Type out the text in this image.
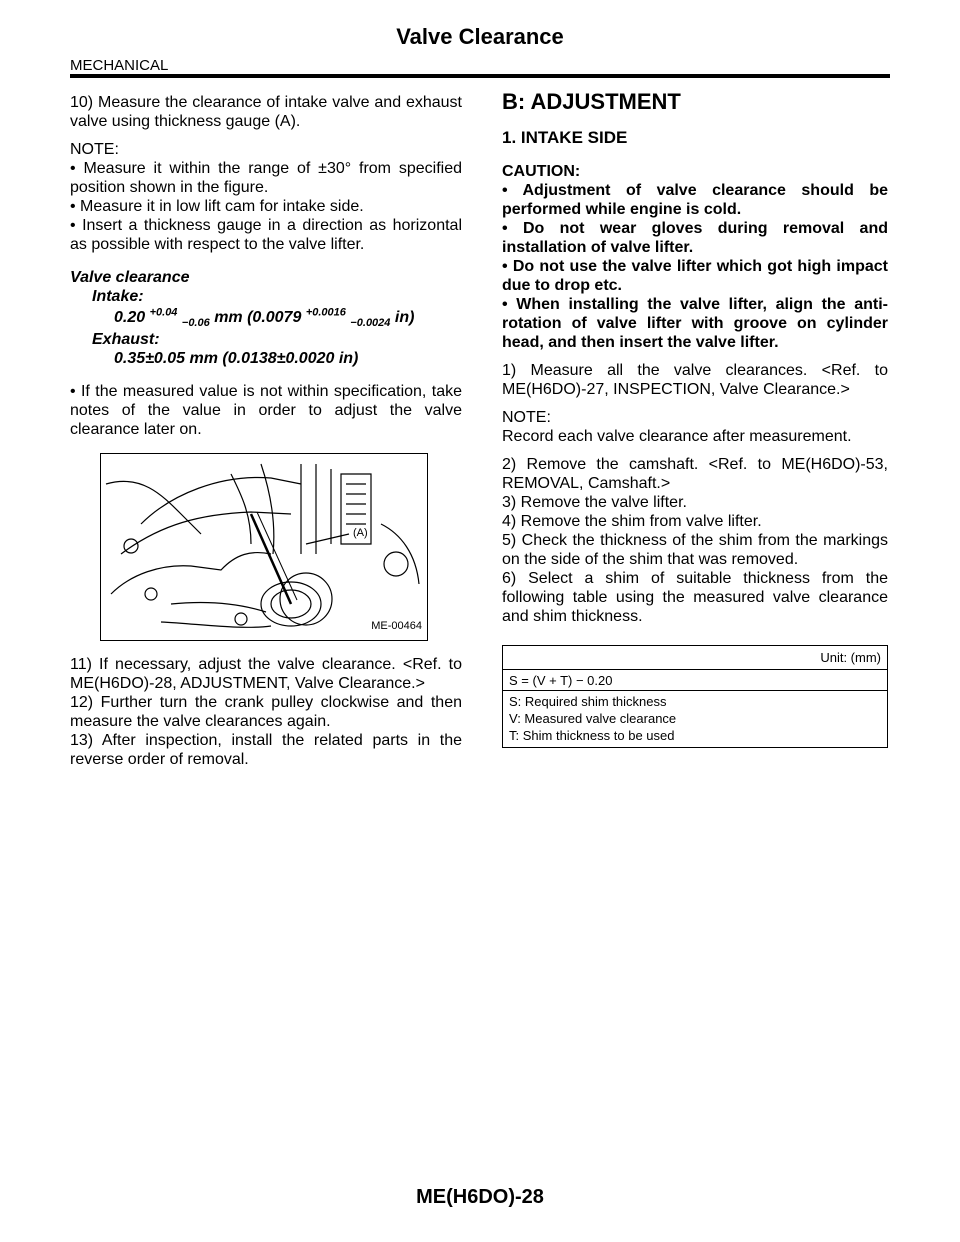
Valve Clearance
MECHANICAL

10) Measure the clearance of intake valve and exhaust valve using thickness gauge (A).

NOTE:

• Measure it within the range of ±30° from specified position shown in the figure.

• Measure it in low lift cam for intake side.

• Insert a thickness gauge in a direction as horizontal as possible with respect to the valve lifter.

Valve clearance

Intake:

0.20 $^{+0.04}$ $_{-0.06}$ mm (0.0079 $^{+0.0016}$ $_{-0.0024}$ in)

Exhaust:

0.35±0.05 mm (0.0138±0.0020 in)

• If the measured value is not within specification, take notes of the value in order to adjust the valve clearance later on.

(A)
ME-00464

11) If necessary, adjust the valve clearance. <Ref. to ME(H6DO)-28, ADJUSTMENT, Valve Clearance.>

12) Further turn the crank pulley clockwise and then measure the valve clearances again.

13) After inspection, install the related parts in the reverse order of removal.

B: ADJUSTMENT

1. INTAKE SIDE

CAUTION:

• Adjustment of valve clearance should be performed while engine is cold.

• Do not wear gloves during removal and installation of valve lifter.

• Do not use the valve lifter which got high impact due to drop etc.

• When installing the valve lifter, align the anti-rotation of valve lifter with groove on cylinder head, and then insert the valve lifter.

1) Measure all the valve clearances. <Ref. to ME(H6DO)-27, INSPECTION, Valve Clearance.>

NOTE:

Record each valve clearance after measurement.

2) Remove the camshaft. <Ref. to ME(H6DO)-53, REMOVAL, Camshaft.>

3) Remove the valve lifter.

4) Remove the shim from valve lifter.

5) Check the thickness of the shim from the markings on the side of the shim that was removed.

6) Select a shim of suitable thickness from the following table using the measured valve clearance and shim thickness.

Unit: (mm)
S = (V + T) − 0.20
S: Required shim thickness
V: Measured valve clearance
T: Shim thickness to be used
ME(H6DO)-28
